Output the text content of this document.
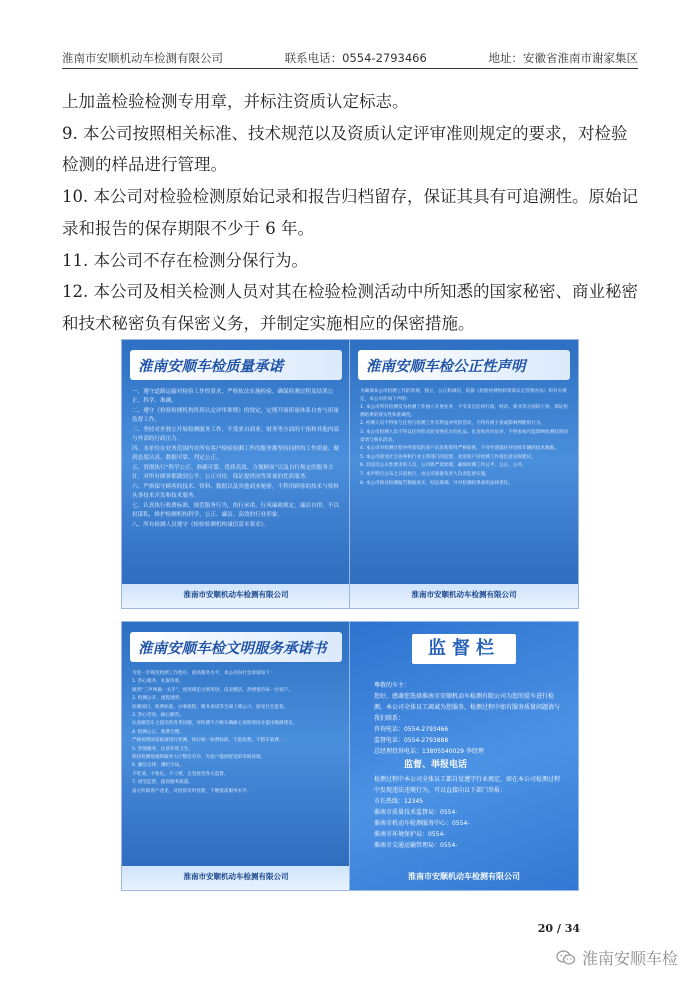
淮南市安顺机动车检测有限公司	联系电话：0554-2793466	地址：安徽省淮南市谢家集区

上加盖检验检测专用章，并标注资质认定标志。

9. 本公司按照相关标准、技术规范以及资质认定评审准则规定的要求，对检验检测的样品进行管理。

10. 本公司对检验检测原始记录和报告归档留存，保证其具有可追溯性。原始记录和报告的保存期限不少于 6 年。

11. 本公司不存在检测分保行为。

12. 本公司及相关检测人员对其在检验检测活动中所知悉的国家秘密、商业秘密和技术秘密负有保密义务，并制定实施相应的保密措施。

淮南安顺车检质量承诺
一、遵守道路运输对检验工作的要求，严格依法实施检验，确保检测过程及结果公正、科学、准确。
二、遵守《检验检测机构资质认定评审准则》的规定，定期开展质量体系自查与质量监督工作。
三、坚持对外独立开展检测服务工作，不受来自商业、财务等方面的干预和其他内部与外部的行政压力。
四、本单位在业务范围内对所有客户检验检测工作的服务都坚持同样的工作质量、做到态度认真、数据可靠、判定公正。
五、贯彻执行“科学公正、准确可靠、优质高效、方便顾客”以及自行规定的服务方针，对所有顾客都做到公平、公正对待，保证提供同等质量的优质服务。
六、严格保守顾客的技术、资料、数据以及其他商业秘密，不利用顾客的技术与资料从事技术开发和技术服务。
七、认真执行收费标准，规范服务行为，执行承诺，行风廉政规定，廉洁自律，不以权谋私，维护检测机构科学、公正、廉洁、高效的行业形象。
八、所有检测人员遵守《检验检测机构诚信基本要求》。
淮南市安顺机动车检测有限公司
淮南安顺车检公正性声明
为确保本公司检测工作的客观、独立、公正和诚信，依据《检验检测机构资质认定管理办法》和有关规定，本公司作如下声明：
1. 本公司所有检测员为检测工作独立开展业务，不受来自任何行政、经济、商业等方面的干预，保证检测结果的真实性和准确性。
2. 检测人员不得参与任何与检测工作有利益冲突的活动，不得有被干扰或影响判断的行为。
3. 本公司检测人员不得以任何形式收受委托方的礼品、礼金和有价证券，不得参加可能影响检测结果的宴请与娱乐活动。
4. 本公司对检测过程中所获知的客户信息和资料严格保密，不对外泄露任何受检车辆的技术数据。
5. 本公司接受社会各界和行业主管部门的监督，欢迎客户对检测工作提出意见和建议。
6. 对违反公正性要求的人员，公司将严肃处理，确保检测工作公平、公正、公开。
7. 本声明自公布之日起执行，由公司质量负责人负责监督实施。
8. 本公司保证检测报告数据真实、结论准确，并对检测结果承担法律责任。
淮南市安顺机动车检测有限公司
淮南安顺车检文明服务承诺书
为进一步规范检测工作程序，提高服务水平，本公司向社会承诺如下：
1. 热心服务，礼貌待客。
做到“三声两做一关手”，使用规范文明用语，仪表整洁，热情接待每一位客户。
2. 检测公开，流程透明。
检测项目、收费标准、办事流程、服务承诺等全部上墙公示，接受社会监督。
3. 热心咨询，耐心解答。
认真解答车主提出的各类问题，对检测不合格车辆耐心说明原因并提出维修建议。
4. 检测公正，收费合理。
严格按照国家标准进行检测，执行统一收费标准，不乱收费，不搭车收费。
5. 热情服务，注意环境卫生。
保持检测场地和服务大厅整洁有序，为客户提供舒适的等候环境。
6. 廉洁自律，遵纪守法。
不吃请、不收礼、不刁难，自觉接受各方监督。
7. 接受监督，提高服务质量。
虚心听取客户意见，对投诉及时处理，不断提高服务水平。
淮南市安顺机动车检测有限公司
监督栏
尊敬的车主：
您好，感谢您选择淮南市安顺机动车检测有限公司为您的爱车进行检测，本公司全体员工竭诚为您服务，检测过程中如有服务质量问题请与我们联系：
咨询电话：0554-2793466
监督电话：0554-2793888
总经理投诉电话：13805540029 李经理
监督、举报电话
检测过程中本公司全体员工都自觉遵守行业规定，如在本公司检测过程中发现违法违规行为，可以直接向以下部门举报：
市长热线：12345
淮南市质量技术监督局：0554-
淮南市机动车检测服务中心：0554-
淮南市环境保护局：0554-
淮南市交通运输管理局：0554-
淮南市安顺机动车检测有限公司
20 / 34
淮南安顺车检
